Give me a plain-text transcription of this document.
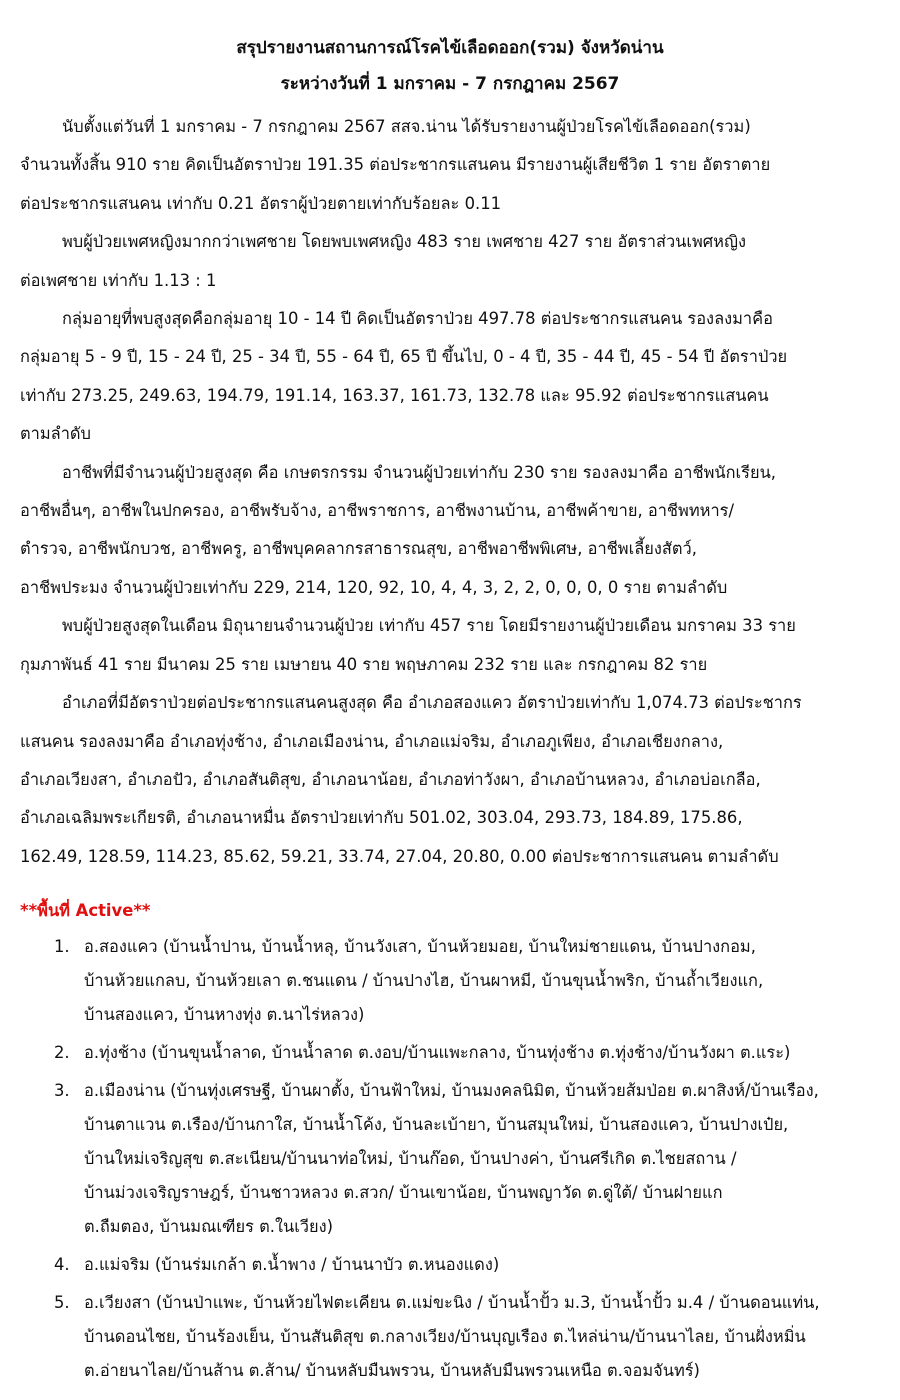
สรุปรายงานสถานการณ์โรคไข้เลือดออก(รวม) จังหวัดน่าน
ระหว่างวันที่ 1 มกราคม - 7 กรกฎาคม 2567

นับตั้งแต่วันที่ 1 มกราคม - 7 กรกฎาคม 2567 สสจ.น่าน ได้รับรายงานผู้ป่วยโรคไข้เลือดออก(รวม)
จำนวนทั้งสิ้น 910 ราย คิดเป็นอัตราป่วย 191.35 ต่อประชากรแสนคน มีรายงานผู้เสียชีวิต 1 ราย อัตราตาย
ต่อประชากรแสนคน เท่ากับ 0.21 อัตราผู้ป่วยตายเท่ากับร้อยละ 0.11

พบผู้ป่วยเพศหญิงมากกว่าเพศชาย โดยพบเพศหญิง 483 ราย เพศชาย 427 ราย อัตราส่วนเพศหญิง
ต่อเพศชาย เท่ากับ 1.13 : 1

กลุ่มอายุที่พบสูงสุดคือกลุ่มอายุ 10 - 14 ปี คิดเป็นอัตราป่วย 497.78 ต่อประชากรแสนคน รองลงมาคือ
กลุ่มอายุ 5 - 9 ปี, 15 - 24 ปี, 25 - 34 ปี, 55 - 64 ปี, 65 ปี ขึ้นไป, 0 - 4 ปี, 35 - 44 ปี, 45 - 54 ปี อัตราป่วย
เท่ากับ 273.25, 249.63, 194.79, 191.14, 163.37, 161.73, 132.78 และ 95.92 ต่อประชากรแสนคน
ตามลำดับ

อาชีพที่มีจำนวนผู้ป่วยสูงสุด คือ เกษตรกรรม จำนวนผู้ป่วยเท่ากับ 230 ราย รองลงมาคือ อาชีพนักเรียน,
อาชีพอื่นๆ, อาชีพในปกครอง, อาชีพรับจ้าง, อาชีพราชการ, อาชีพงานบ้าน, อาชีพค้าขาย, อาชีพทหาร/
ตำรวจ, อาชีพนักบวช, อาชีพครู, อาชีพบุคคลากรสาธารณสุข, อาชีพอาชีพพิเศษ, อาชีพเลี้ยงสัตว์,
อาชีพประมง จำนวนผู้ป่วยเท่ากับ 229, 214, 120, 92, 10, 4, 4, 3, 2, 2, 0, 0, 0, 0 ราย ตามลำดับ

พบผู้ป่วยสูงสุดในเดือน มิถุนายนจำนวนผู้ป่วย เท่ากับ 457 ราย โดยมีรายงานผู้ป่วยเดือน มกราคม 33 ราย
กุมภาพันธ์ 41 ราย มีนาคม 25 ราย เมษายน 40 ราย พฤษภาคม 232 ราย และ กรกฎาคม 82 ราย

อำเภอที่มีอัตราป่วยต่อประชากรแสนคนสูงสุด คือ อำเภอสองแคว อัตราป่วยเท่ากับ 1,074.73 ต่อประชากร
แสนคน รองลงมาคือ อำเภอทุ่งช้าง, อำเภอเมืองน่าน, อำเภอแม่จริม, อำเภอภูเพียง, อำเภอเชียงกลาง,
อำเภอเวียงสา, อำเภอปัว, อำเภอสันติสุข, อำเภอนาน้อย, อำเภอท่าวังผา, อำเภอบ้านหลวง, อำเภอบ่อเกลือ,
อำเภอเฉลิมพระเกียรติ, อำเภอนาหมื่น อัตราป่วยเท่ากับ 501.02, 303.04, 293.73, 184.89, 175.86,
162.49, 128.59, 114.23, 85.62, 59.21, 33.74, 27.04, 20.80, 0.00 ต่อประชาการแสนคน ตามลำดับ

**พื้นที่ Active**
1. อ.สองแคว (บ้านน้ำปาน, บ้านน้ำหลุ, บ้านวังเสา, บ้านห้วยมอย, บ้านใหม่ชายแดน, บ้านปางกอม,
บ้านห้วยแกลบ, บ้านห้วยเลา ต.ชนแดน / บ้านปางไฮ, บ้านผาหมี, บ้านขุนน้ำพริก, บ้านถ้ำเวียงแก,
บ้านสองแคว, บ้านหางทุ่ง ต.นาไร่หลวง)
2. อ.ทุ่งช้าง (บ้านขุนน้ำลาด, บ้านน้ำลาด ต.งอบ/บ้านแพะกลาง, บ้านทุ่งช้าง ต.ทุ่งช้าง/บ้านวังผา ต.แระ)
3. อ.เมืองน่าน (บ้านทุ่งเศรษฐี, บ้านผาตั้ง, บ้านฟ้าใหม่, บ้านมงคลนิมิต, บ้านห้วยส้มป่อย ต.ผาสิงห์/บ้านเรือง,
บ้านตาแวน ต.เรือง/บ้านกาใส, บ้านน้ำโค้ง, บ้านละเบ้ายา, บ้านสมุนใหม่, บ้านสองแคว, บ้านปางเป๋ย,
บ้านใหม่เจริญสุข ต.สะเนียน/บ้านนาท่อใหม่, บ้านก๊อด, บ้านปางค่า, บ้านศรีเกิด ต.ไชยสถาน /
บ้านม่วงเจริญราษฎร์, บ้านชาวหลวง ต.สวก/ บ้านเขาน้อย, บ้านพญาวัด ต.ดู่ใต้/ บ้านฝายแก
ต.ถืมตอง, บ้านมณเฑียร ต.ในเวียง)
4. อ.แม่จริม (บ้านร่มเกล้า ต.น้ำพาง / บ้านนาบัว ต.หนองแดง)
5. อ.เวียงสา (บ้านป่าแพะ, บ้านห้วยไฟตะเคียน ต.แม่ขะนิง / บ้านน้ำปั้ว ม.3, บ้านน้ำปั้ว ม.4 / บ้านดอนแท่น,
บ้านดอนไชย, บ้านร้องเย็น, บ้านสันติสุข ต.กลางเวียง/บ้านบุญเรือง ต.ไหล่น่าน/บ้านนาไลย, บ้านฝั่งหมิ่น
ต.อ่ายนาไลย/บ้านส้าน ต.ส้าน/ บ้านหลับมืนพรวน, บ้านหลับมืนพรวนเหนือ ต.จอมจันทร์)
